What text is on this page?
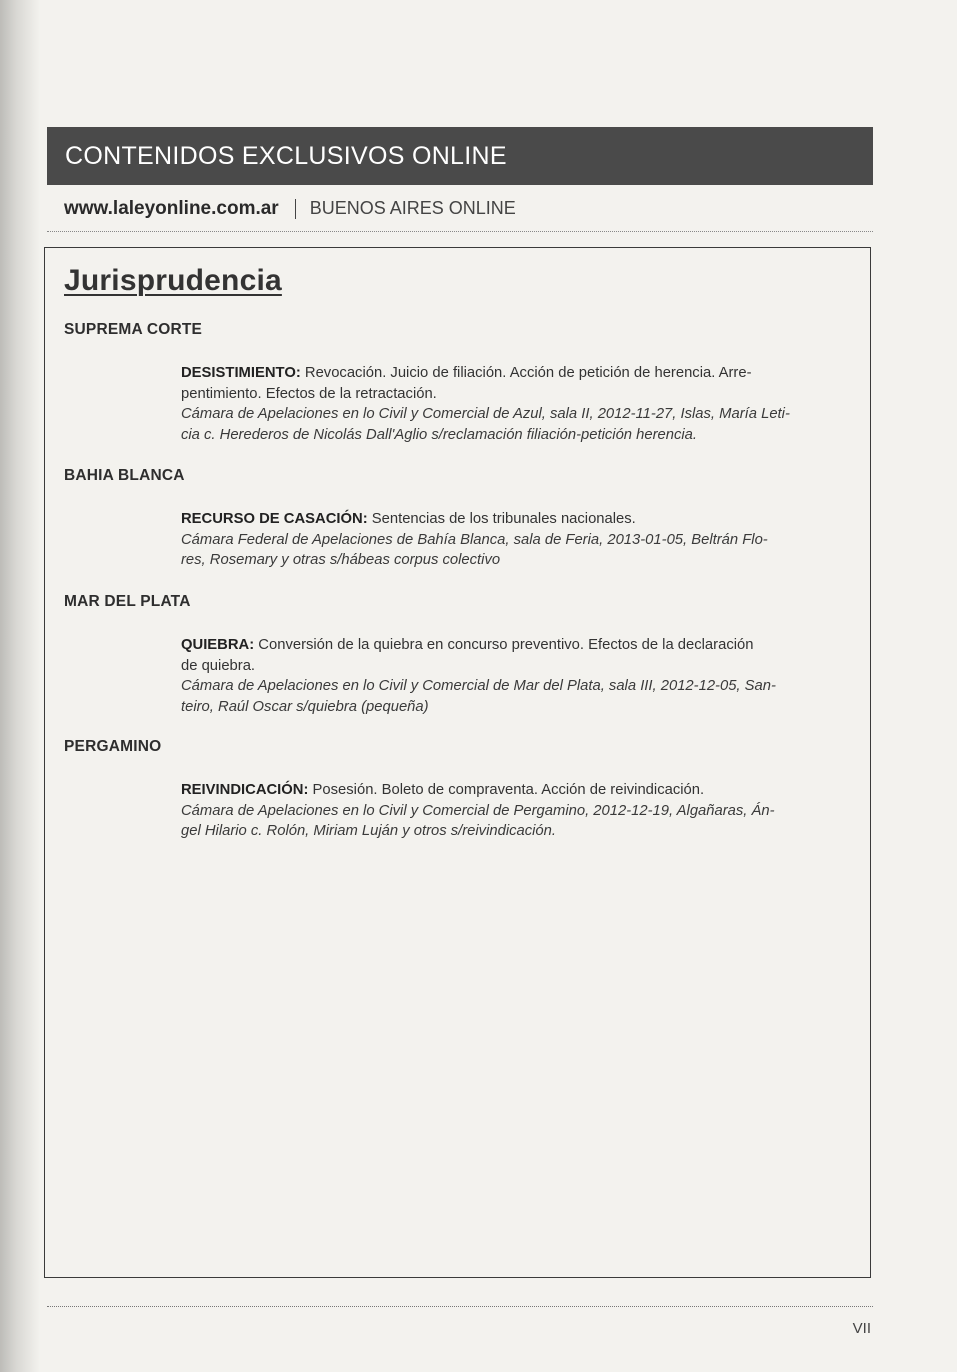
CONTENIDOS EXCLUSIVOS ONLINE
www.laleyonline.com.ar BUENOS AIRES ONLINE
Jurisprudencia
SUPREMA CORTE
DESISTIMIENTO: Revocación. Juicio de filiación. Acción de petición de herencia. Arre-
pentimiento. Efectos de la retractación.
Cámara de Apelaciones en lo Civil y Comercial de Azul, sala II, 2012-11-27, Islas, María Leti-
cia c. Herederos de Nicolás Dall'Aglio s/reclamación filiación-petición herencia.
BAHIA BLANCA
RECURSO DE CASACIÓN: Sentencias de los tribunales nacionales.
Cámara Federal de Apelaciones de Bahía Blanca, sala de Feria, 2013-01-05, Beltrán Flo-
res, Rosemary y otras s/hábeas corpus colectivo
MAR DEL PLATA
QUIEBRA: Conversión de la quiebra en concurso preventivo. Efectos de la declaración
de quiebra.
Cámara de Apelaciones en lo Civil y Comercial de Mar del Plata, sala III, 2012-12-05, San-
teiro, Raúl Oscar s/quiebra (pequeña)
PERGAMINO
REIVINDICACIÓN: Posesión. Boleto de compraventa. Acción de reivindicación.
Cámara de Apelaciones en lo Civil y Comercial de Pergamino, 2012-12-19, Algañaras, Án-
gel Hilario c. Rolón, Miriam Luján y otros s/reivindicación.
VII
